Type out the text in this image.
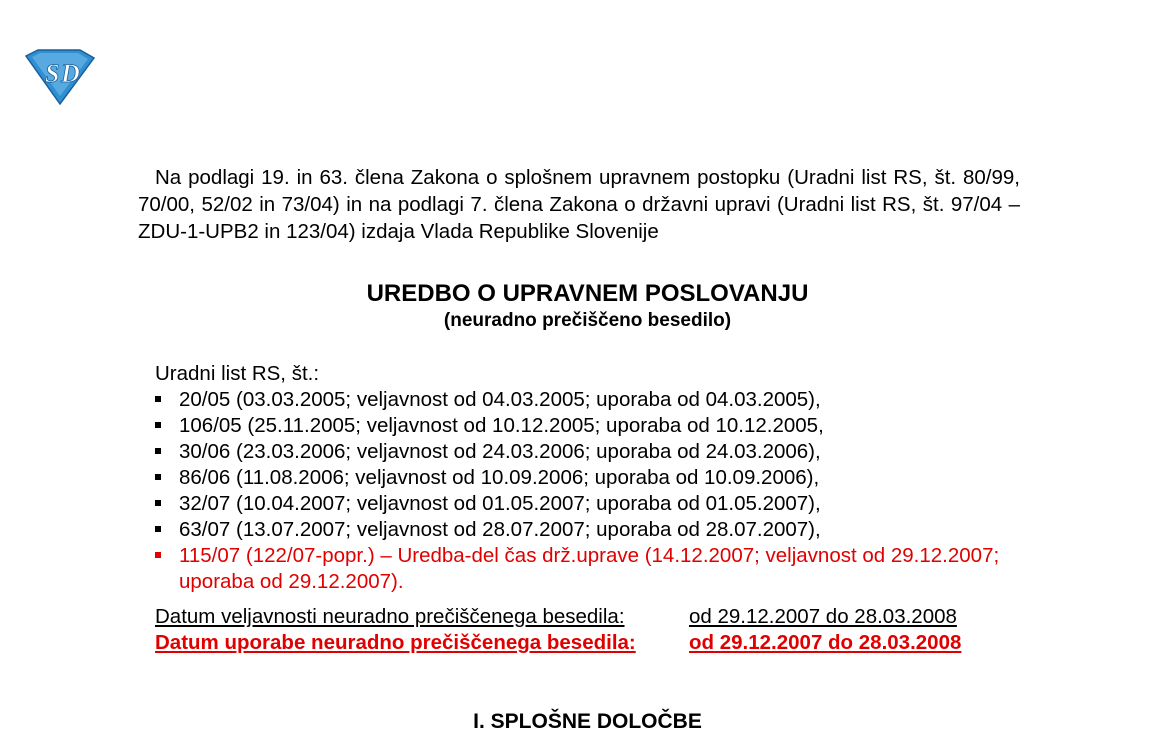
S D

Na podlagi 19. in 63. člena Zakona o splošnem upravnem postopku (Uradni list RS, št. 80/99, 70/00, 52/02 in 73/04) in na podlagi 7. člena Zakona o državni upravi (Uradni list RS, št. 97/04 – ZDU-1-UPB2 in 123/04) izdaja Vlada Republike Slovenije

UREDBO O UPRAVNEM POSLOVANJU
(neuradno prečiščeno besedilo)
Uradni list RS, št.:
20/05 (03.03.2005; veljavnost od 04.03.2005; uporaba od 04.03.2005),
106/05 (25.11.2005; veljavnost od 10.12.2005; uporaba od 10.12.2005,
30/06 (23.03.2006; veljavnost od 24.03.2006; uporaba od 24.03.2006),
86/06 (11.08.2006; veljavnost od 10.09.2006; uporaba od 10.09.2006),
32/07 (10.04.2007; veljavnost od 01.05.2007; uporaba od 01.05.2007),
63/07 (13.07.2007; veljavnost od 28.07.2007; uporaba od 28.07.2007),
115/07 (122/07-popr.) – Uredba-del čas drž.uprave (14.12.2007; veljavnost od 29.12.2007; uporaba od 29.12.2007).
Datum veljavnosti neuradno prečiščenega besedila:	od 29.12.2007 do 28.03.2008
Datum uporabe neuradno prečiščenega besedila:	od 29.12.2007 do 28.03.2008
I. SPLOŠNE DOLOČBE
